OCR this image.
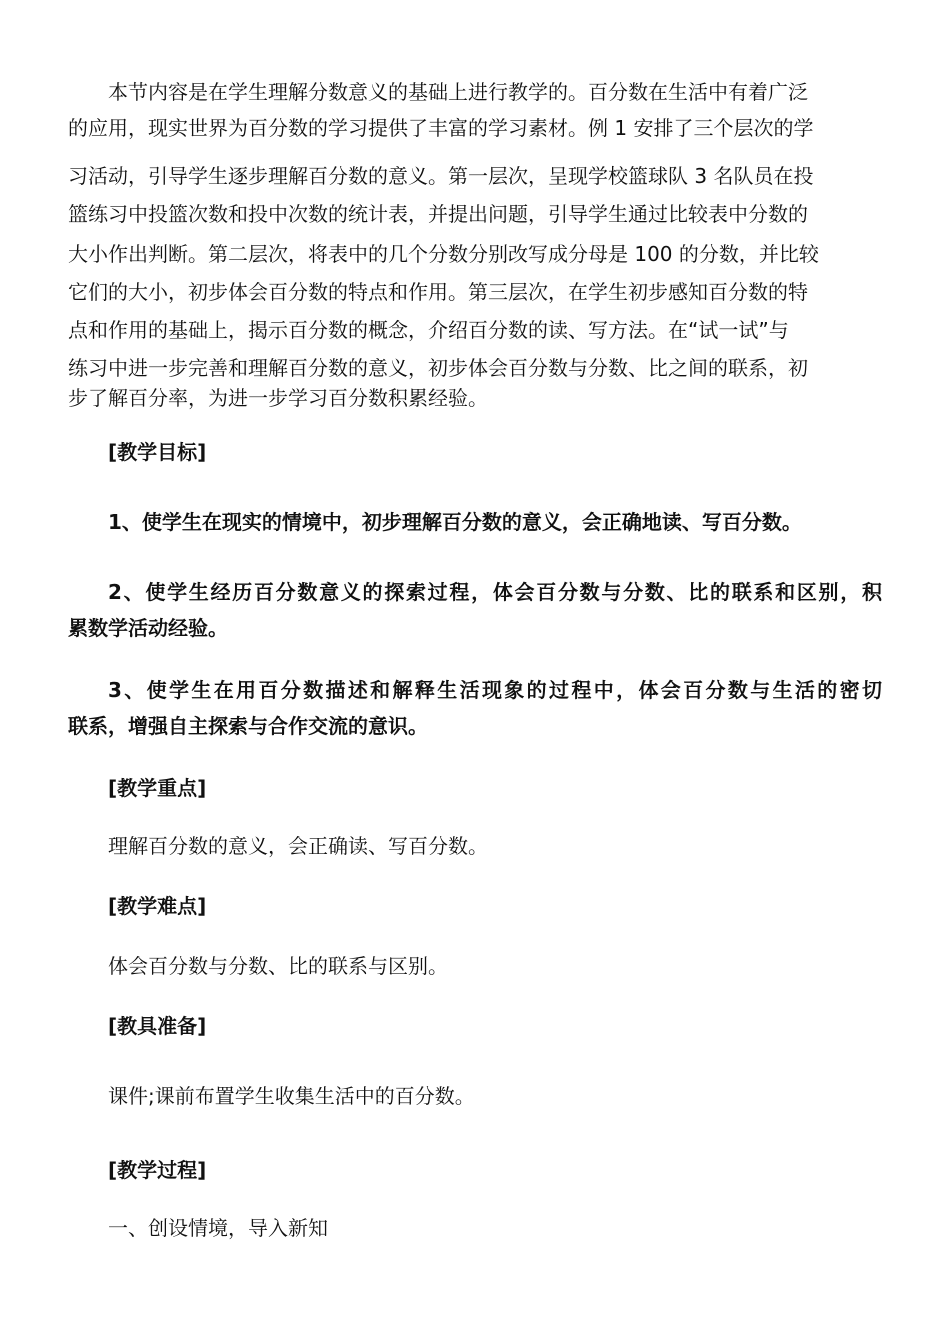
本节内容是在学生理解分数意义的基础上进行教学的。百分数在生活中有着广泛
的应用，现实世界为百分数的学习提供了丰富的学习素材。例 1 安排了三个层次的学
习活动，引导学生逐步理解百分数的意义。第一层次，呈现学校篮球队 3 名队员在投
篮练习中投篮次数和投中次数的统计表，并提出问题，引导学生通过比较表中分数的
大小作出判断。第二层次，将表中的几个分数分别改写成分母是 100 的分数，并比较
它们的大小，初步体会百分数的特点和作用。第三层次，在学生初步感知百分数的特
点和作用的基础上，揭示百分数的概念，介绍百分数的读、写方法。在“试一试”与
练习中进一步完善和理解百分数的意义，初步体会百分数与分数、比之间的联系，初
步了解百分率，为进一步学习百分数积累经验。
[教学目标]
1、使学生在现实的情境中，初步理解百分数的意义，会正确地读、写百分数。
2、使学生经历百分数意义的探索过程，体会百分数与分数、比的联系和区别，积
累数学活动经验。
3、使学生在用百分数描述和解释生活现象的过程中，体会百分数与生活的密切
联系，增强自主探索与合作交流的意识。
[教学重点]
理解百分数的意义，会正确读、写百分数。
[教学难点]
体会百分数与分数、比的联系与区别。
[教具准备]
课件;课前布置学生收集生活中的百分数。
[教学过程]
一、创设情境，导入新知
